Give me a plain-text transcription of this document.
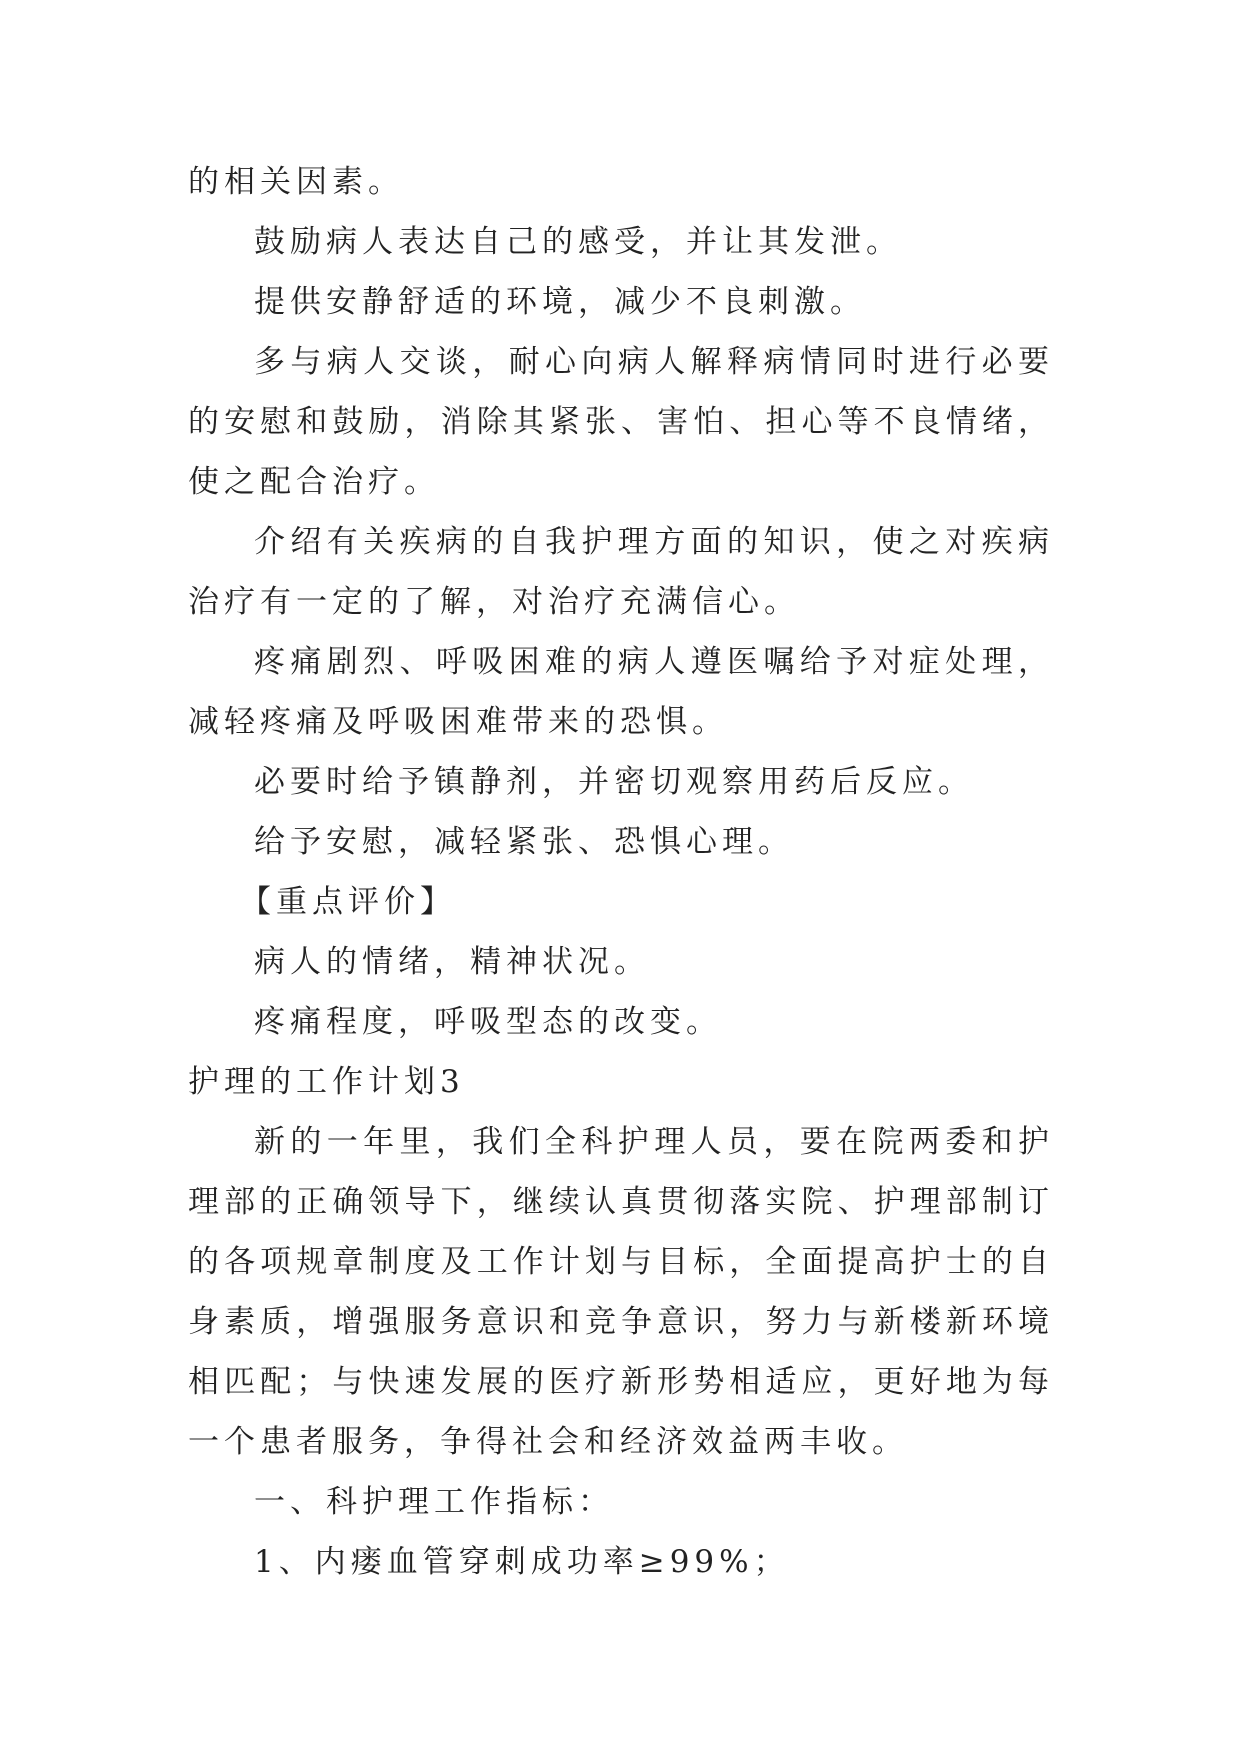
的相关因素。

鼓励病人表达自己的感受，并让其发泄。

提供安静舒适的环境，减少不良刺激。

多与病人交谈，耐心向病人解释病情同时进行必要的安慰和鼓励，消除其紧张、害怕、担心等不良情绪，使之配合治疗。

介绍有关疾病的自我护理方面的知识，使之对疾病治疗有一定的了解，对治疗充满信心。

疼痛剧烈、呼吸困难的病人遵医嘱给予对症处理，减轻疼痛及呼吸困难带来的恐惧。

必要时给予镇静剂，并密切观察用药后反应。

给予安慰，减轻紧张、恐惧心理。

【重点评价】

病人的情绪，精神状况。

疼痛程度，呼吸型态的改变。

护理的工作计划3

新的一年里，我们全科护理人员，要在院两委和护理部的正确领导下，继续认真贯彻落实院、护理部制订的各项规章制度及工作计划与目标，全面提高护士的自身素质，增强服务意识和竞争意识，努力与新楼新环境相匹配；与快速发展的医疗新形势相适应，更好地为每一个患者服务，争得社会和经济效益两丰收。

一、科护理工作指标：

1、内瘘血管穿刺成功率≥99%；
